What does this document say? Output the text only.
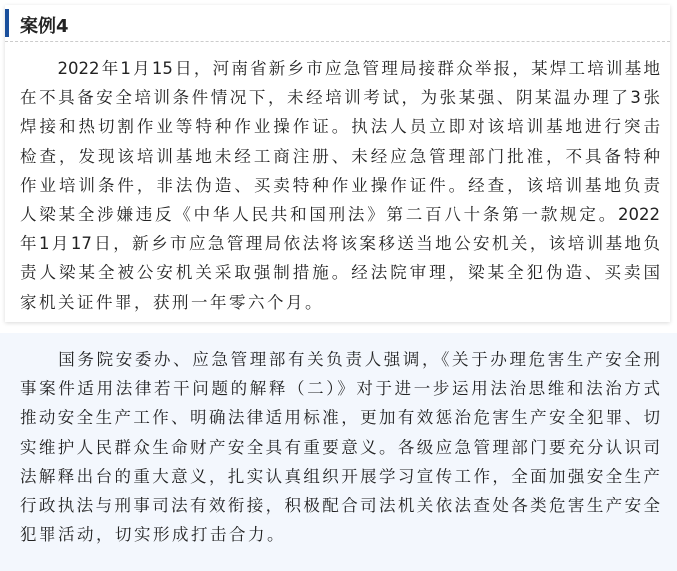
案例4
　　2022年1月15日，河南省新乡市应急管理局接群众举报，某焊工培训基地
在不具备安全培训条件情况下，未经培训考试，为张某强、阴某温办理了3张
焊接和热切割作业等特种作业操作证。执法人员立即对该培训基地进行突击
检查，发现该培训基地未经工商注册、未经应急管理部门批准，不具备特种
作业培训条件，非法伪造、买卖特种作业操作证件。经查，该培训基地负责
人梁某全涉嫌违反《中华人民共和国刑法》第二百八十条第一款规定。2022
年1月17日，新乡市应急管理局依法将该案移送当地公安机关，该培训基地负
责人梁某全被公安机关采取强制措施。经法院审理，梁某全犯伪造、买卖国
家机关证件罪，获刑一年零六个月。
　　国务院安委办、应急管理部有关负责人强调，《关于办理危害生产安全刑
事案件适用法律若干问题的解释（二）》对于进一步运用法治思维和法治方式
推动安全生产工作、明确法律适用标准，更加有效惩治危害生产安全犯罪、切
实维护人民群众生命财产安全具有重要意义。各级应急管理部门要充分认识司
法解释出台的重大意义，扎实认真组织开展学习宣传工作，全面加强安全生产
行政执法与刑事司法有效衔接，积极配合司法机关依法查处各类危害生产安全
犯罪活动，切实形成打击合力。
